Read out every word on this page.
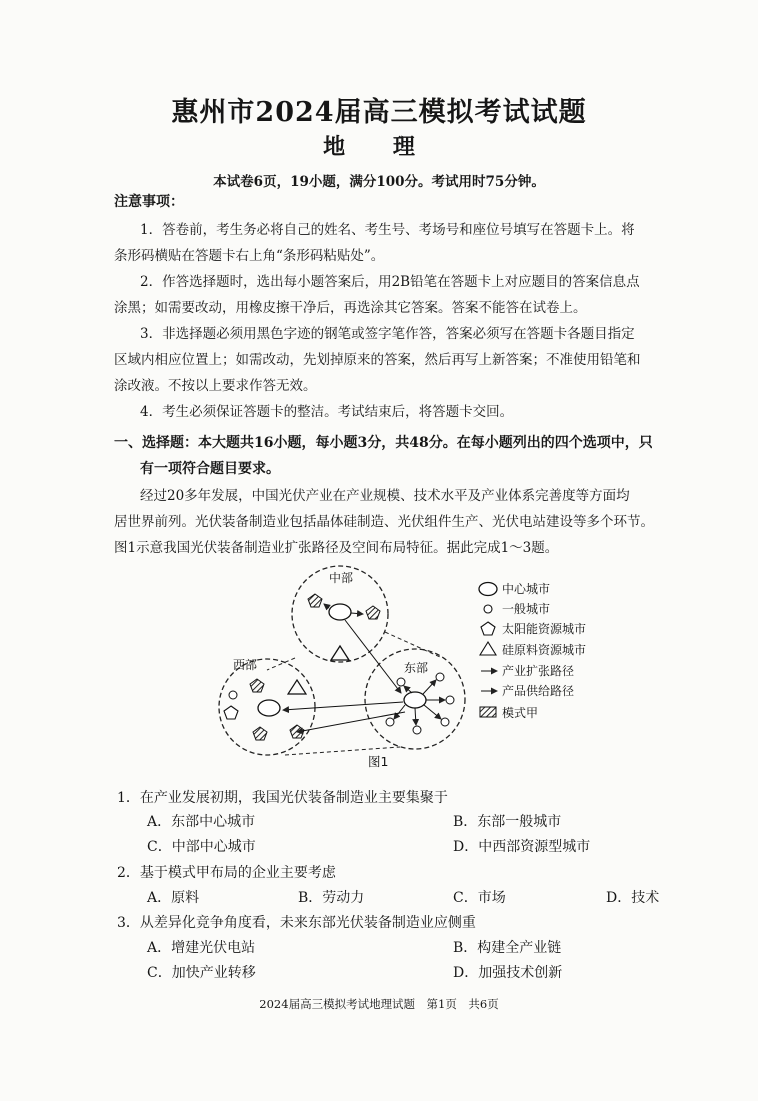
惠州市2024届高三模拟考试试题
地 理
本试卷6页，19小题，满分100分。考试用时75分钟。
注意事项：
1．答卷前，考生务必将自己的姓名、考生号、考场号和座位号填写在答题卡上。将
条形码横贴在答题卡右上角“条形码粘贴处”。
2．作答选择题时，选出每小题答案后，用2B铅笔在答题卡上对应题目的答案信息点
涂黑；如需要改动，用橡皮擦干净后，再选涂其它答案。答案不能答在试卷上。
3．非选择题必须用黑色字迹的钢笔或签字笔作答，答案必须写在答题卡各题目指定
区域内相应位置上；如需改动，先划掉原来的答案，然后再写上新答案；不准使用铅笔和
涂改液。不按以上要求作答无效。
4．考生必须保证答题卡的整洁。考试结束后，将答题卡交回。
一、选择题：本大题共16小题，每小题3分，共48分。在每小题列出的四个选项中，只
有一项符合题目要求。
经过20多年发展，中国光伏产业在产业规模、技术水平及产业体系完善度等方面均
居世界前列。光伏装备制造业包括晶体硅制造、光伏组件生产、光伏电站建设等多个环节。
图1示意我国光伏装备制造业扩张路径及空间布局特征。据此完成1～3题。
中部
西部	东部
中心城市
一般城市
太阳能资源城市
硅原料资源城市
产业扩张路径
产品供给路径
模式甲
图1
1．在产业发展初期，我国光伏装备制造业主要集聚于
A．东部中心城市	B．东部一般城市
C．中部中心城市	D．中西部资源型城市
2．基于模式甲布局的企业主要考虑
A．原料	B．劳动力	C．市场	D．技术
3．从差异化竞争角度看，未来东部光伏装备制造业应侧重
A．增建光伏电站	B．构建全产业链
C．加快产业转移	D．加强技术创新
2024届高三模拟考试地理试题　第1页　共6页
